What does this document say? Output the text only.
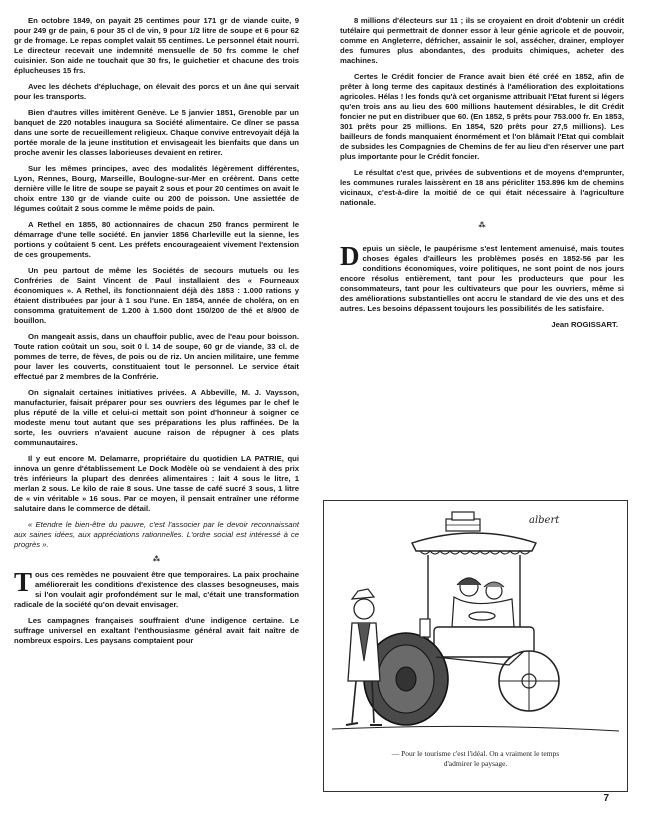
En octobre 1849, on payait 25 centimes pour 171 gr de viande cuite, 9 pour 249 gr de pain, 6 pour 35 cl de vin, 9 pour 1/2 litre de soupe et 6 pour 62 gr de fromage. Le repas complet valait 55 centimes. Le personnel était nourri. Le directeur recevait une indemnité mensuelle de 50 frs comme le chef cuisinier. Son aide ne touchait que 30 frs, le guichetier et chacune des trois éplucheuses 15 frs.

Avec les déchets d'épluchage, on élevait des porcs et un âne qui servait pour les transports.

Bien d'autres villes imitèrent Genève. Le 5 janvier 1851, Grenoble par un banquet de 220 notables inaugura sa Société alimentaire. Ce dîner se passa dans une sorte de recueillement religieux. Chaque convive entrevoyait déjà la portée morale de la jeune institution et envisageait les bienfaits que dans un proche avenir les classes laborieuses devaient en retirer.

Sur les mêmes principes, avec des modalités légèrement différentes, Lyon, Rennes, Bourg, Marseille, Boulogne-sur-Mer en créèrent. Dans cette dernière ville le litre de soupe se payait 2 sous et pour 20 centimes on avait le choix entre 130 gr de viande cuite ou 200 de poisson. Une assiettée de légumes coûtait 2 sous comme le même poids de pain.

A Rethel en 1855, 80 actionnaires de chacun 250 francs permirent le démarrage d'une telle société. En janvier 1856 Charleville eut la sienne, les portions y coûtaient 5 cent. Les préfets encourageaient vivement l'extension de ces groupements.

Un peu partout de même les Sociétés de secours mutuels ou les Confréries de Saint Vincent de Paul installaient des « Fourneaux économiques ». A Rethel, ils fonctionnaient déjà dès 1853 : 1.000 rations y étaient distribuées par jour à 1 sou l'une. En 1854, année de choléra, on en consomma gratuitement de 1.200 à 1.500 dont 150/200 de thé et 8/900 de bouillon.

On mangeait assis, dans un chauffoir public, avec de l'eau pour boisson. Toute ration coûtait un sou, soit 0 l. 14 de soupe, 60 gr de viande, 33 cl. de pommes de terre, de fèves, de pois ou de riz. Un ancien militaire, une femme pour laver les couverts, constituaient tout le personnel. Le service était effectué par 2 membres de la Confrérie.

On signalait certaines initiatives privées. A Abbeville, M. J. Vaysson, manufacturier, faisait préparer pour ses ouvriers des légumes par le chef le plus réputé de la ville et celui-ci mettait son point d'honneur à soigner ce modeste menu tout autant que ses préparations les plus raffinées. De la sorte, les ouvriers n'avaient aucune raison de répugner à ces plats communautaires.

Il y eut encore M. Delamarre, propriétaire du quotidien LA PATRIE, qui innova un genre d'établissement Le Dock Modèle où se vendaient à des prix très inférieurs la plupart des denrées alimentaires : lait 4 sous le litre, 1 merlan 2 sous. Le kilo de raie 8 sous. Une tasse de café sucré 3 sous, 1 litre de « vin véritable » 16 sous. Par ce moyen, il pensait entraîner une réforme salutaire dans le commerce de détail.

« Etendre le bien-être du pauvre, c'est l'associer par le devoir reconnaissant aux saines idées, aux appréciations rationnelles. L'ordre social est intéressé à ce progrès ».

⁂

Tous ces remèdes ne pouvaient être que temporaires. La paix prochaine améliorerait les conditions d'existence des classes besogneuses, mais si l'on voulait agir profondément sur le mal, c'était une transformation radicale de la société qu'on devait envisager.

Les campagnes françaises souffraient d'une indigence certaine. Le suffrage universel en exaltant l'enthousiasme général avait fait naître de nombreux espoirs. Les paysans comptaient pour

8 millions d'électeurs sur 11 ; ils se croyaient en droit d'obtenir un crédit tutélaire qui permettrait de donner essor à leur génie agricole et de pouvoir, comme en Angleterre, défricher, assainir le sol, assécher, drainer, employer des fumures plus abondantes, des produits chimiques, acheter des machines.

Certes le Crédit foncier de France avait bien été créé en 1852, afin de prêter à long terme des capitaux destinés à l'amélioration des exploitations agricoles. Hélas ! les fonds qu'à cet organisme attribuait l'Etat furent si légers qu'en trois ans au lieu des 600 millions hautement désirables, le dit Crédit foncier ne put en distribuer que 60. (En 1852, 5 prêts pour 753.000 fr. En 1853, 301 prêts pour 25 millions. En 1854, 520 prêts pour 27,5 millions). Les bailleurs de fonds manquaient énormément et l'on blâmait l'Etat qui comblait de subsides les Compagnies de Chemins de fer au lieu d'en réserver une part plus importante pour le Crédit foncier.

Le résultat c'est que, privées de subventions et de moyens d'emprunter, les communes rurales laissèrent en 18 ans péricliter 153.896 km de chemins vicinaux, c'est-à-dire la moitié de ce qui était nécessaire à l'agriculture nationale.

⁂

Depuis un siècle, le paupérisme s'est lentement amenuisé, mais toutes choses égales d'ailleurs les problèmes posés en 1852-56 par les conditions économiques, voire politiques, ne sont point de nos jours encore résolus entièrement, tant pour les producteurs que pour les consommateurs, tant pour les cultivateurs que pour les ouvriers, même si des améliorations substantielles ont accru le standard de vie des uns et des autres. Les besoins dépassent toujours les possibilités de les satisfaire.

Jean ROGISSART.
albert
— Pour le tourisme c'est l'idéal. On a vraiment le temps
d'admirer le paysage.
7
